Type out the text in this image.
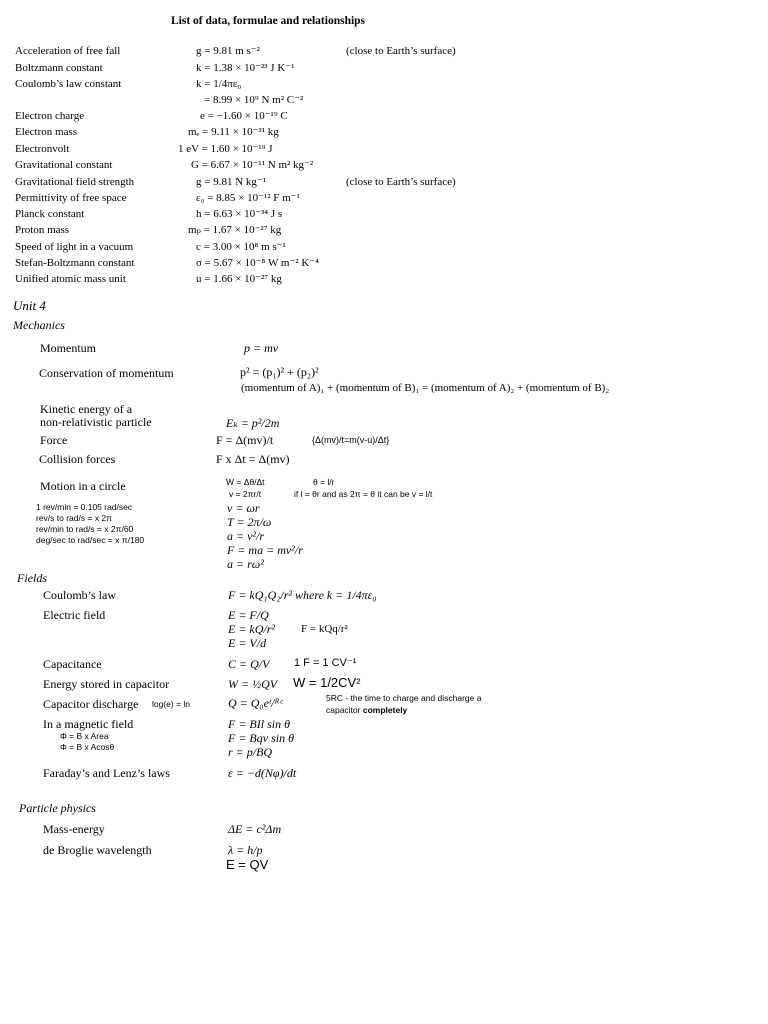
List of data, formulae and relationships
Acceleration of free fall	g = 9.81 m s⁻²	(close to Earth’s surface)
Boltzmann constant	k = 1.38 × 10⁻²³ J K⁻¹
Coulomb’s law constant	k = 1/4πε₀
= 8.99 × 10⁹ N m² C⁻²
Electron charge	e = −1.60 × 10⁻¹⁹ C
Electron mass	mₑ = 9.11 × 10⁻³¹ kg
Electronvolt	1 eV = 1.60 × 10⁻¹⁹ J
Gravitational constant	G = 6.67 × 10⁻¹¹ N m² kg⁻²
Gravitational field strength	g = 9.81 N kg⁻¹	(close to Earth’s surface)
Permittivity of free space	ε₀ = 8.85 × 10⁻¹² F m⁻¹
Planck constant	h = 6.63 × 10⁻³⁴ J s
Proton mass	mₚ = 1.67 × 10⁻²⁷ kg
Speed of light in a vacuum	c = 3.00 × 10⁸ m s⁻¹
Stefan-Boltzmann constant	σ = 5.67 × 10⁻⁸ W m⁻² K⁻⁴
Unified atomic mass unit	u = 1.66 × 10⁻²⁷ kg
Unit 4
Mechanics
Momentum	p = mv
Conservation of momentum	p² = (p₁)² + (p₂)²
(momentum of A)₁ + (momentum of B)₁ = (momentum of A)₂ + (momentum of B)₂
Kinetic energy of a
non-relativistic particle	Eₖ = p²/2m
Force	F = Δ(mv)/t	{Δ(mv)/t=m(v-u)/Δt}
Collision forces	F x Δt = Δ(mv)
Motion in a circle	W = Δθ/Δt	θ = l/r
v = 2πr/t	if l = θr and as 2π = θ it can be v = l/t
v = ωr
T = 2π/ω
a = v²/r
F = ma = mv²/r
a = rω²
1 rev/min = 0.105 rad/sec
rev/s to rad/s = x 2π
rev/min to rad/s = x 2π/60
deg/sec to rad/sec = x π/180
Fields
Coulomb’s law	F = kQ₁Q₂/r² where k = 1/4πε₀
Electric field	E = F/Q
E = kQ/r² F = kQq/r²
E = V/d
Capacitance	C = Q/V 1 F = 1 CV⁻¹
Energy stored in capacitor	W = ½QV W = 1/2CV²
Capacitor discharge log(e) = ln	Q = Q₀eᵗ/ᴿᶜ	5RC - the time to charge and discharge a
capacitor completely
In a magnetic field
Φ = B x Area
Φ = B x Acosθ
F = BIl sin θ
F = Bqv sin θ
r = p/BQ
Faraday’s and Lenz’s laws	ε = −d(Nφ)/dt
Particle physics
Mass-energy	ΔE = c²Δm
de Broglie wavelength	λ = h/p
E = QV
